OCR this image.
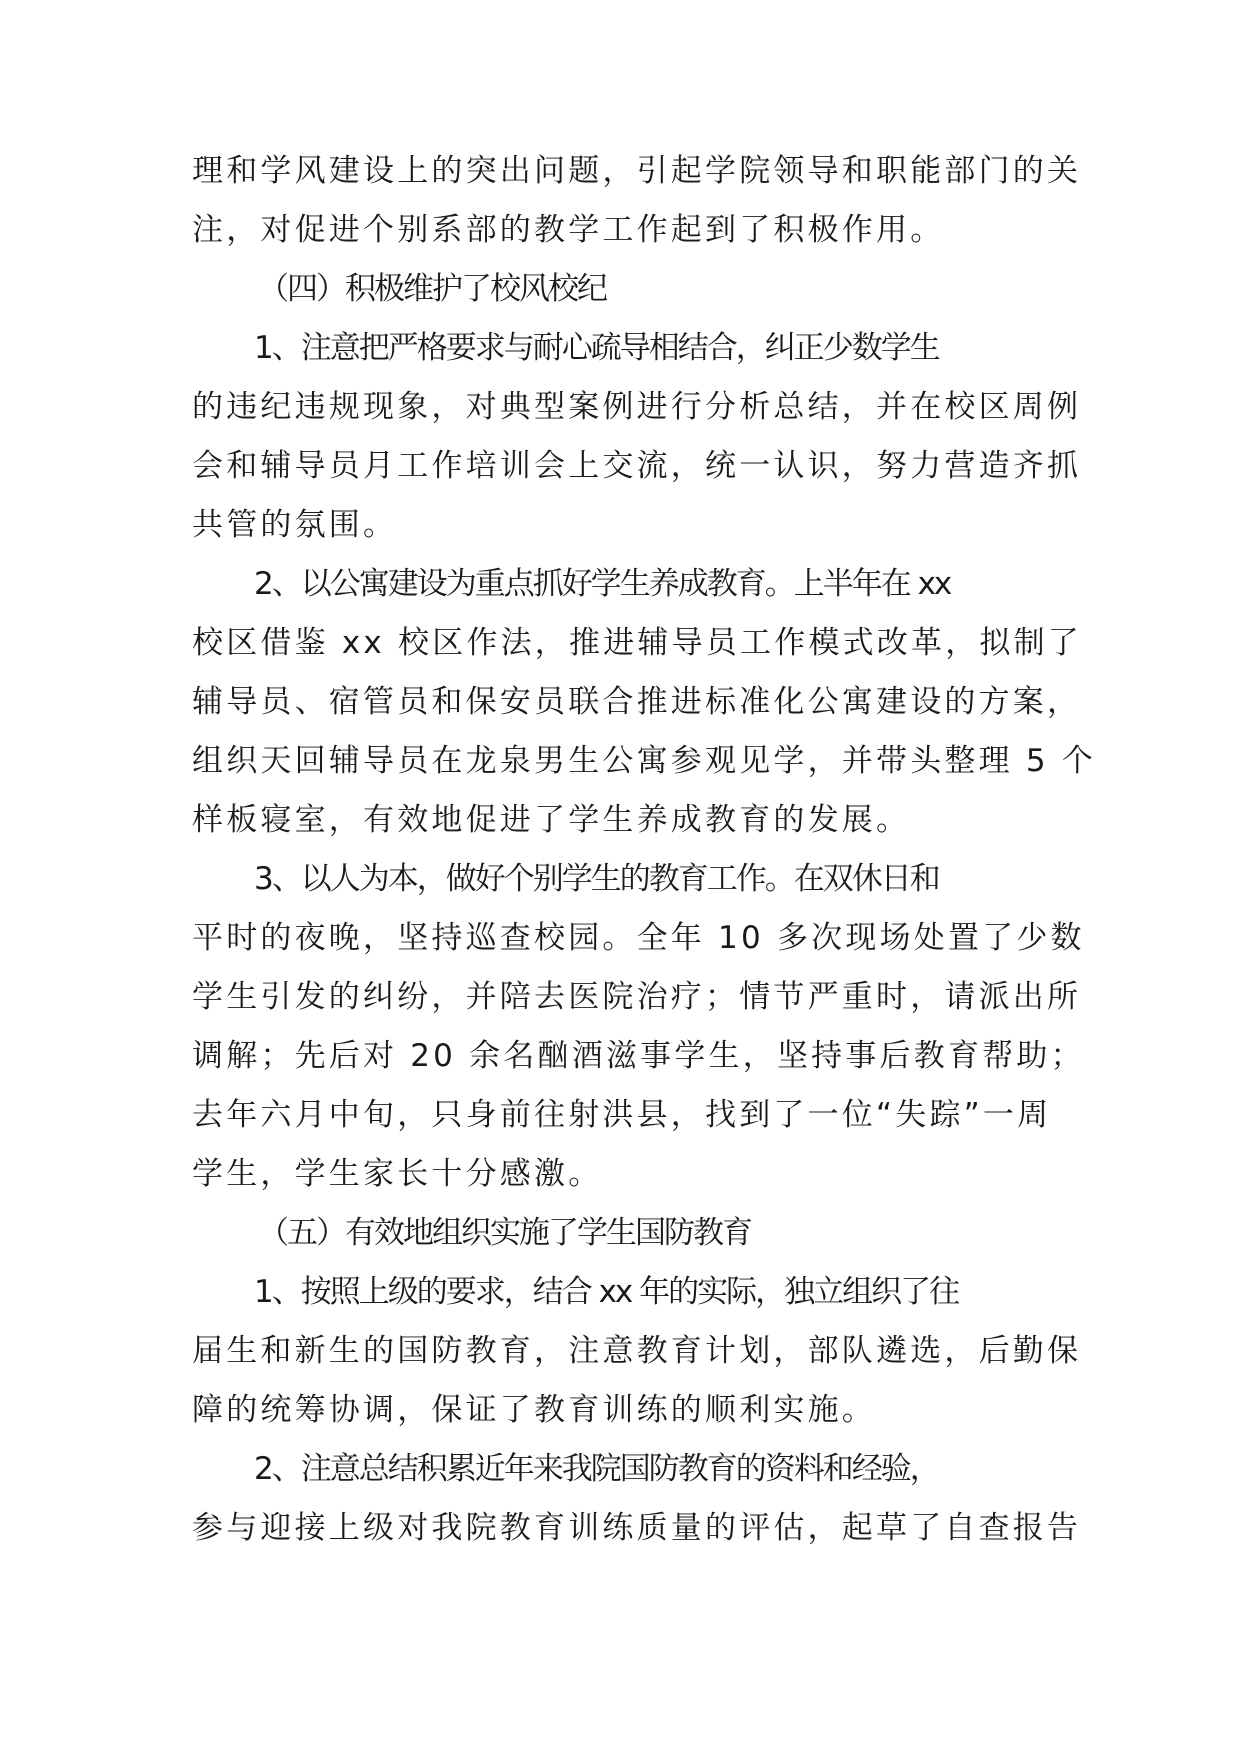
理和学风建设上的突出问题，引起学院领导和职能部门的关
注，对促进个别系部的教学工作起到了积极作用。
（四）积极维护了校风校纪
1、注意把严格要求与耐心疏导相结合，纠正少数学生
的违纪违规现象，对典型案例进行分析总结，并在校区周例
会和辅导员月工作培训会上交流，统一认识，努力营造齐抓
共管的氛围。
2、以公寓建设为重点抓好学生养成教育。上半年在 xx
校区借鉴 xx 校区作法，推进辅导员工作模式改革，拟制了
辅导员、宿管员和保安员联合推进标准化公寓建设的方案，
组织天回辅导员在龙泉男生公寓参观见学，并带头整理 5 个
样板寝室，有效地促进了学生养成教育的发展。
3、以人为本，做好个别学生的教育工作。在双休日和
平时的夜晚，坚持巡查校园。全年 10 多次现场处置了少数
学生引发的纠纷，并陪去医院治疗；情节严重时，请派出所
调解；先后对 20 余名酗酒滋事学生，坚持事后教育帮助；
去年六月中旬，只身前往射洪县，找到了一位“失踪”一周
学生，学生家长十分感激。
（五）有效地组织实施了学生国防教育
1、按照上级的要求，结合 xx 年的实际，独立组织了往
届生和新生的国防教育，注意教育计划，部队遴选，后勤保
障的统筹协调，保证了教育训练的顺利实施。
2、注意总结积累近年来我院国防教育的资料和经验，
参与迎接上级对我院教育训练质量的评估，起草了自查报告
